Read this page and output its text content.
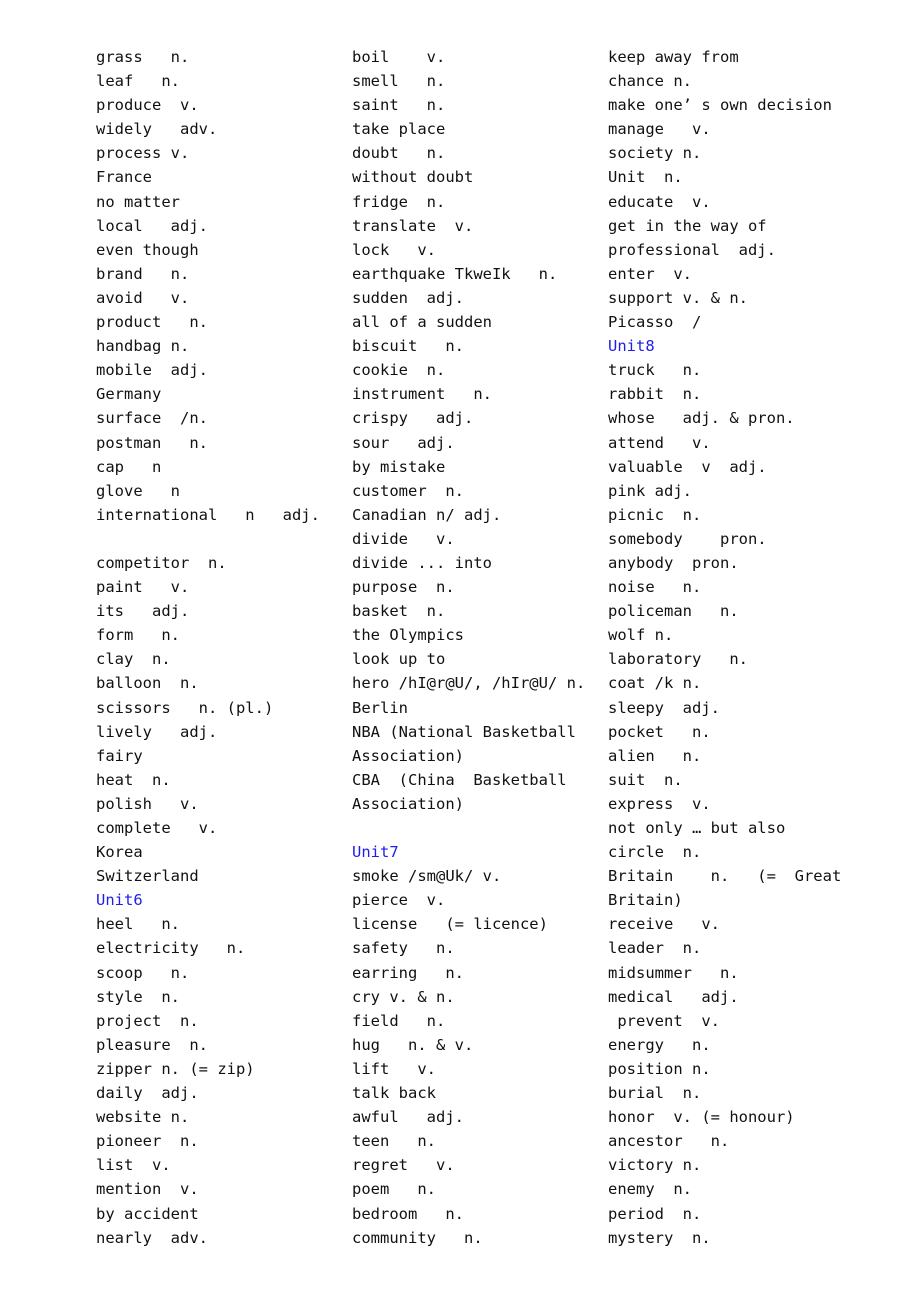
grass   n.
leaf   n.
produce  v.
widely   adv.
process v.
France
no matter
local   adj.
even though
brand   n.
avoid   v.
product   n.
handbag n.
mobile  adj.
Germany
surface  /n.
postman   n.
cap   n
glove   n
international   n   adj.
competitor  n.
paint   v.
its   adj.
form   n.
clay  n.
balloon  n.
scissors   n. (pl.)
lively   adj.
fairy
heat  n.
polish   v.
complete   v.
Korea
Switzerland
Unit6
heel   n.
electricity   n.
scoop   n.
style  n.
project  n.
pleasure  n.
zipper n. (= zip)
daily  adj.
website n.
pioneer  n.
list  v.
mention  v.
by accident
nearly  adv.
boil    v.
smell   n.
saint   n.
take place
doubt   n.
without doubt
fridge  n.
translate  v.
lock   v.
earthquake TkweIk   n.
sudden  adj.
all of a sudden
biscuit   n.
cookie  n.
instrument   n.
crispy   adj.
sour   adj.
by mistake
customer  n.
Canadian n/ adj.
divide   v.
divide ... into
purpose  n.
basket  n.
the Olympics
look up to
hero /hI@r@U/, /hIr@U/ n.
Berlin
NBA (National Basketball
Association)
CBA  (China  Basketball
Association)
Unit7
smoke /sm@Uk/ v.
pierce  v.
license   (= licence)
safety   n.
earring   n.
cry v. & n.
field   n.
hug   n. & v.
lift   v.
talk back
awful   adj.
teen   n.
regret   v.
poem   n.
bedroom   n.
community   n.
keep away from
chance n.
make one’ s own decision
manage   v.
society n.
Unit  n.
educate  v.
get in the way of
professional  adj.
enter  v.
support v. & n.
Picasso  /
Unit8
truck   n.
rabbit  n.
whose   adj. & pron.
attend   v.
valuable  v  adj.
pink adj.
picnic  n.
somebody    pron.
anybody  pron.
noise   n.
policeman   n.
wolf n.
laboratory   n.
coat /k n.
sleepy  adj.
pocket   n.
alien   n.
suit  n.
express  v.
not only … but also
circle  n.
Britain    n.   (=  Great
Britain)
receive   v.
leader  n.
midsummer   n.
medical   adj.
prevent  v.
energy   n.
position n.
burial  n.
honor  v. (= honour)
ancestor   n.
victory n.
enemy  n.
period  n.
mystery  n.
